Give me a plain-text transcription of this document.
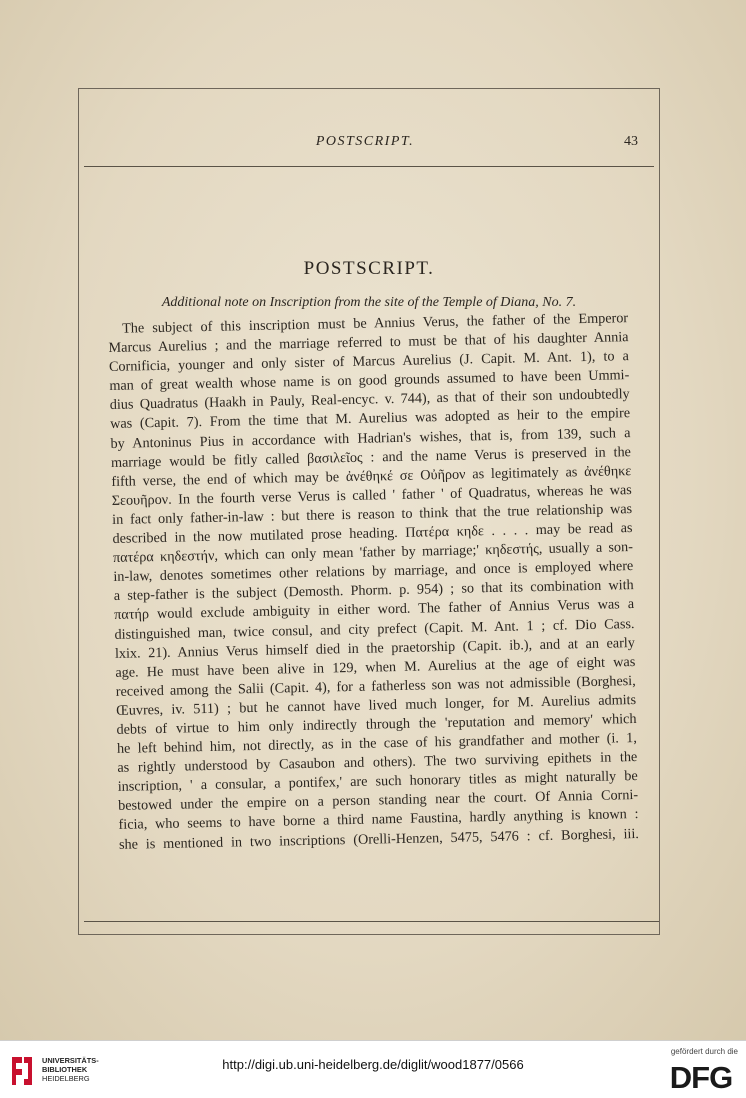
POSTSCRIPT.	43
POSTSCRIPT.
Additional note on Inscription from the site of the Temple of Diana, No. 7.
The subject of this inscription must be Annius Verus, the father of the Emperor
Marcus Aurelius ; and the marriage referred to must be that of his daughter Annia
Cornificia, younger and only sister of Marcus Aurelius (J. Capit. M. Ant. 1), to a
man of great wealth whose name is on good grounds assumed to have been Ummi-
dius Quadratus (Haakh in Pauly, Real-encyc. v. 744), as that of their son undoubtedly
was (Capit. 7). From the time that M. Aurelius was adopted as heir to the empire
by Antoninus Pius in accordance with Hadrian's wishes, that is, from 139, such a
marriage would be fitly called βασιλεῖος : and the name Verus is preserved in the
fifth verse, the end of which may be ἀνέθηκέ σε Οὐῆρον as legitimately as ἀνέθηκε
Σεουῆρον. In the fourth verse Verus is called ' father ' of Quadratus, whereas he was
in fact only father-in-law : but there is reason to think that the true relationship was
described in the now mutilated prose heading. Πατέρα κηδε . . . . may be read as
πατέρα κηδεστήν, which can only mean 'father by marriage;' κηδεστής, usually a son-
in-law, denotes sometimes other relations by marriage, and once is employed where
a step-father is the subject (Demosth. Phorm. p. 954) ; so that its combination with
πατήρ would exclude ambiguity in either word. The father of Annius Verus was a
distinguished man, twice consul, and city prefect (Capit. M. Ant. 1 ; cf. Dio Cass.
lxix. 21). Annius Verus himself died in the praetorship (Capit. ib.), and at an early
age. He must have been alive in 129, when M. Aurelius at the age of eight was
received among the Salii (Capit. 4), for a fatherless son was not admissible (Borghesi,
Œuvres, iv. 511) ; but he cannot have lived much longer, for M. Aurelius admits
debts of virtue to him only indirectly through the 'reputation and memory' which
he left behind him, not directly, as in the case of his grandfather and mother (i. 1,
as rightly understood by Casaubon and others). The two surviving epithets in the
inscription, ' a consular, a pontifex,' are such honorary titles as might naturally be
bestowed under the empire on a person standing near the court. Of Annia Corni-
ficia, who seems to have borne a third name Faustina, hardly anything is known :
she is mentioned in two inscriptions (Orelli-Henzen, 5475, 5476 : cf. Borghesi, iii.
UNIVERSITÄTS-
BIBLIOTHEK
HEIDELBERG
http://digi.ub.uni-heidelberg.de/diglit/wood1877/0566
gefördert durch die
DFG
